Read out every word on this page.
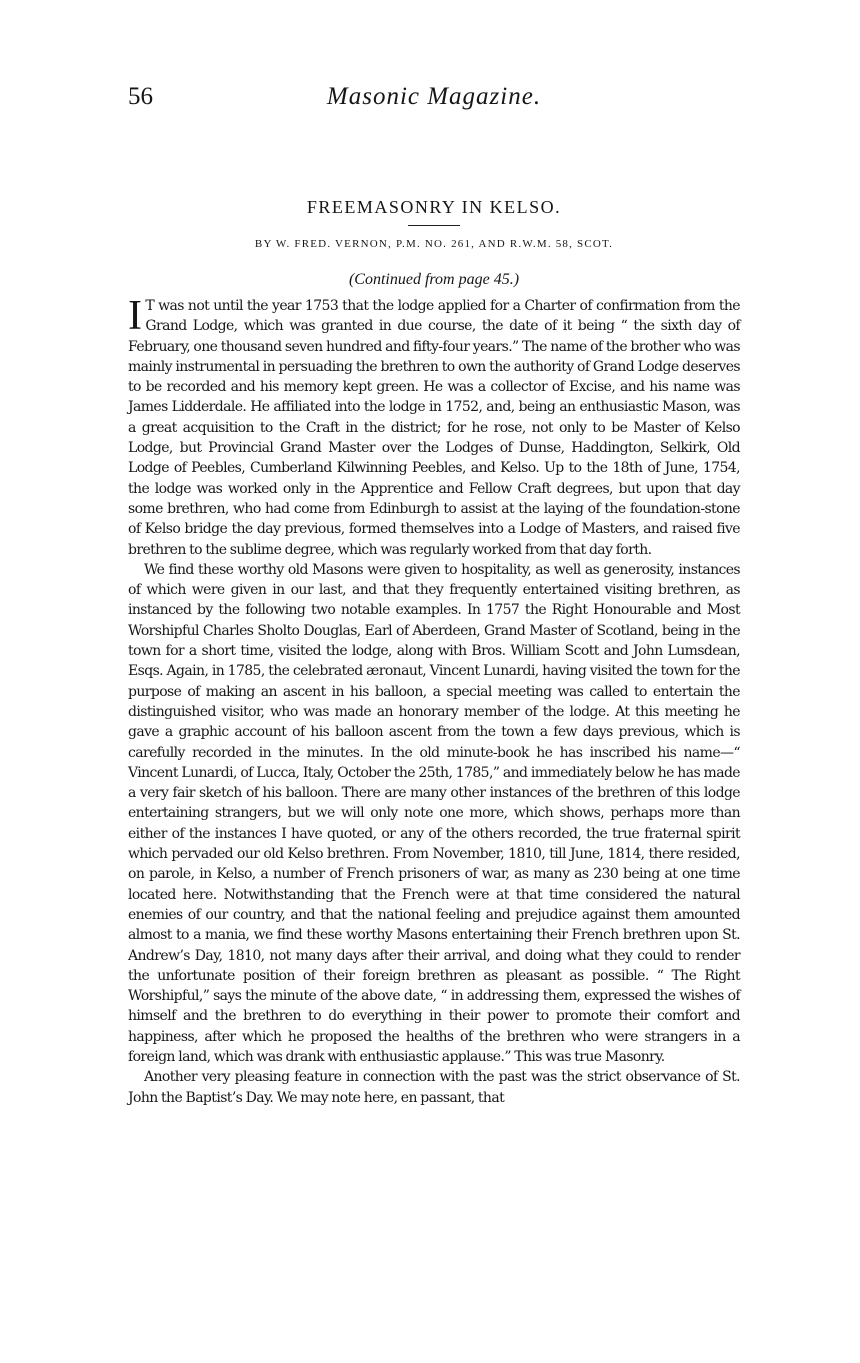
56	Masonic Magazine.
FREEMASONRY IN KELSO.
BY W. FRED. VERNON, P.M. NO. 261, AND R.W.M. 58, SCOT.
(Continued from page 45.)

I T was not until the year 1753 that the lodge applied for a Charter of confirmation from the Grand Lodge, which was granted in due course, the date of it being “ the sixth day of February, one thousand seven hundred and fifty-four years.” The name of the brother who was mainly instrumental in persuading the brethren to own the authority of Grand Lodge deserves to be recorded and his memory kept green. He was a collector of Excise, and his name was James Lidderdale. He affiliated into the lodge in 1752, and, being an enthusiastic Mason, was a great acquisition to the Craft in the district; for he rose, not only to be Master of Kelso Lodge, but Provincial Grand Master over the Lodges of Dunse, Haddington, Selkirk, Old Lodge of Peebles, Cumberland Kilwinning Peebles, and Kelso. Up to the 18th of June, 1754, the lodge was worked only in the Apprentice and Fellow Craft degrees, but upon that day some brethren, who had come from Edinburgh to assist at the laying of the foundation-stone of Kelso bridge the day previous, formed themselves into a Lodge of Masters, and raised five brethren to the sublime degree, which was regularly worked from that day forth.

We find these worthy old Masons were given to hospitality, as well as generosity, instances of which were given in our last, and that they frequently entertained visiting brethren, as instanced by the following two notable examples. In 1757 the Right Honourable and Most Worshipful Charles Sholto Douglas, Earl of Aberdeen, Grand Master of Scotland, being in the town for a short time, visited the lodge, along with Bros. William Scott and John Lumsdean, Esqs. Again, in 1785, the celebrated æronaut, Vincent Lunardi, having visited the town for the purpose of making an ascent in his balloon, a special meeting was called to entertain the distinguished visitor, who was made an honorary member of the lodge. At this meeting he gave a graphic account of his balloon ascent from the town a few days previous, which is carefully recorded in the minutes. In the old minute-book he has inscribed his name—“ Vincent Lunardi, of Lucca, Italy, October the 25th, 1785,” and immediately below he has made a very fair sketch of his balloon. There are many other instances of the brethren of this lodge entertaining strangers, but we will only note one more, which shows, perhaps more than either of the instances I have quoted, or any of the others recorded, the true fraternal spirit which pervaded our old Kelso brethren. From November, 1810, till June, 1814, there resided, on parole, in Kelso, a number of French prisoners of war, as many as 230 being at one time located here. Notwithstanding that the French were at that time considered the natural enemies of our country, and that the national feeling and prejudice against them amounted almost to a mania, we find these worthy Masons entertaining their French brethren upon St. Andrew’s Day, 1810, not many days after their arrival, and doing what they could to render the unfortunate position of their foreign brethren as pleasant as possible. “ The Right Worshipful,” says the minute of the above date, “ in addressing them, expressed the wishes of himself and the brethren to do everything in their power to promote their comfort and happiness, after which he proposed the healths of the brethren who were strangers in a foreign land, which was drank with enthusiastic applause.” This was true Masonry.

Another very pleasing feature in connection with the past was the strict observance of St. John the Baptist’s Day. We may note here, en passant, that
